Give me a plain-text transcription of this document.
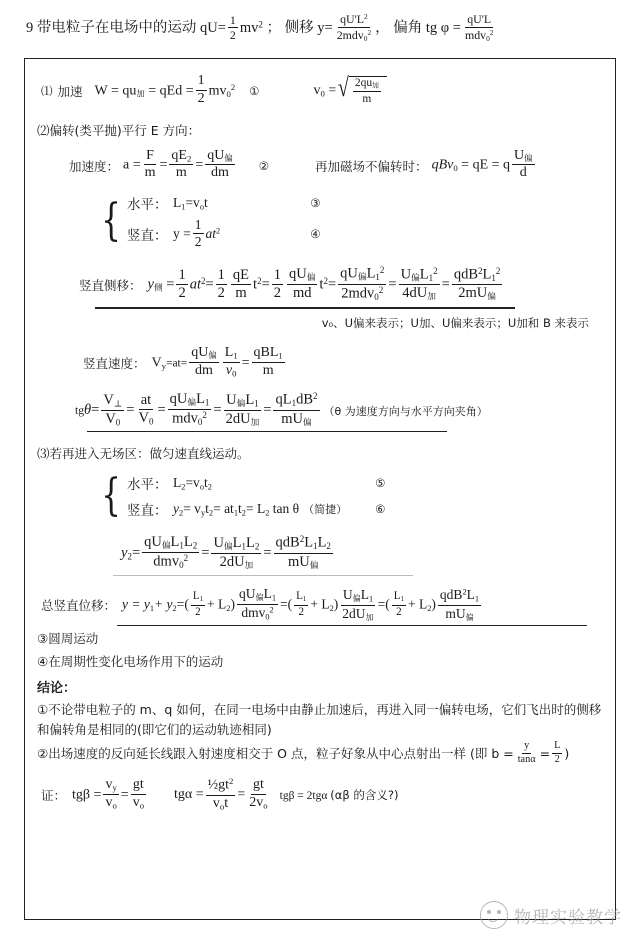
9 带电粒子在电场中的运动 $qU= \frac{1}{2} mv^2$ ； 侧移 $y= \frac{qU'L^2}{2mdv_0^2}$ ， 偏角 tg $\varphi = \frac{qU'L}{mdv_0^2}$
⑴ 加速 W = qu加 = qEd = $\frac{1}{2} mv_0^2$ ①	$v_0$ = √ $\frac{\text{2qu加}}{m}$
⑵偏转(类平抛)平行 E 方向：
加速度： $a = \frac{F}{m} = \frac{qE_2}{m} = \frac{\text{qU偏}}{dm}$ ②	再加磁场不偏转时： qBv$_0$ = qE = q $\frac{\text{U偏}}{d}$
{ 水平： $L_1=v_ot$	③
竖直： $y = \frac{1}{2} at^2$	④
竖直侧移： y侧 = $\frac{1}{2} at^2= \frac{1}{2} \frac{qE}{m} t^2= \frac{1}{2} \frac{\text{qU偏}}{md} t^2= \frac{qU偏L_1^2}{2mdv_0^2} = \frac{U偏L_1^2}{\text{4dU加}} = \frac{qdB^2L_1^2}{\text{2mU偏}}$
v₀、U偏来表示；U加、U偏来表示；U加和 B 来表示
竖直速度： $V_y=at= \frac{\text{qU偏}}{dm} \frac{L_1}{v_0} = \frac{qBL_1}{m}$
$tg\theta= \frac{V_\perp}{V_0} = \frac{at}{V_0} = \frac{qU偏L_1}{mdv_0^2} = \frac{U偏L_1}{\text{2dU加}} = \frac{qL_1dB^2}{\text{mU偏}} (\theta$ 为速度方向与水平方向夹角）
⑶若再进入无场区：做匀速直线运动。
{ 水平： $L_2=v_ot_2$	⑤
竖直： $y_2= v_yt_2= at_1t_2= L_2$ tan θ （简捷）	⑥
$y_2= \frac{qU偏L_1L_2}{dmv_0^2} = \frac{U偏L_1L_2}{\text{2dU加}} = \frac{qdB^2L_1L_2}{\text{mU偏}}$
总竖直位移： $y = y_1+ y_2=( \frac{L_1}{2} + L_2) \frac{qU偏L_1}{dmv_0^2}$ =( $\frac{L_1}{2} + L_2) \frac{U偏L_1}{\text{2dU加}}$ =( $\frac{L_1}{2} + L_2) \frac{qdB^2L_1}{\text{mU偏}}$
③圆周运动
④在周期性变化电场作用下的运动
结论：
①不论带电粒子的 m、q 如何，在同一电场中由静止加速后，再进入同一偏转电场，它们飞出时的侧移和偏转角是相同的(即它们的运动轨迹相同)
②出场速度的反向延长线跟入射速度相交于 O 点，粒子好象从中心点射出一样 (即 $b = \frac{y}{\tan\alpha} = \frac{L}{2}$ )
证： $tg\beta = \frac{v_y}{v_o} = \frac{gt}{v_o}$ $tg\alpha = \frac{\frac{1}{2}gt^2}{v_ot} = \frac{gt}{2v_o}$ tgβ = 2tgα (αβ 的含义?)
物理实验教学
